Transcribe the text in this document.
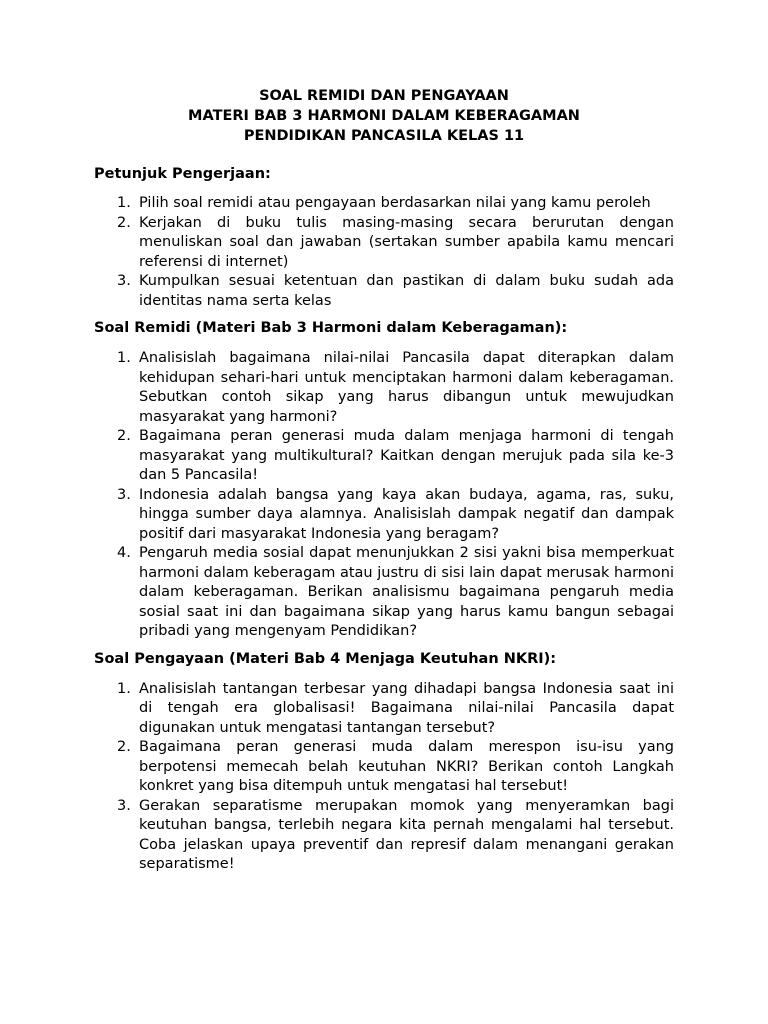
SOAL REMIDI DAN PENGAYAAN
MATERI BAB 3 HARMONI DALAM KEBERAGAMAN
PENDIDIKAN PANCASILA KELAS 11

Petunjuk Pengerjaan:

1. Pilih soal remidi atau pengayaan berdasarkan nilai yang kamu peroleh
2. Kerjakan di buku tulis masing-masing secara berurutan dengan menuliskan soal dan jawaban (sertakan sumber apabila kamu mencari referensi di internet)
3. Kumpulkan sesuai ketentuan dan pastikan di dalam buku sudah ada identitas nama serta kelas

Soal Remidi (Materi Bab 3 Harmoni dalam Keberagaman):

1. Analisislah bagaimana nilai-nilai Pancasila dapat diterapkan dalam kehidupan sehari-hari untuk menciptakan harmoni dalam keberagaman. Sebutkan contoh sikap yang harus dibangun untuk mewujudkan masyarakat yang harmoni?
2. Bagaimana peran generasi muda dalam menjaga harmoni di tengah masyarakat yang multikultural? Kaitkan dengan merujuk pada sila ke-3 dan 5 Pancasila!
3. Indonesia adalah bangsa yang kaya akan budaya, agama, ras, suku, hingga sumber daya alamnya. Analisislah dampak negatif dan dampak positif dari masyarakat Indonesia yang beragam?
4. Pengaruh media sosial dapat menunjukkan 2 sisi yakni bisa memperkuat harmoni dalam keberagam atau justru di sisi lain dapat merusak harmoni dalam keberagaman. Berikan analisismu bagaimana pengaruh media sosial saat ini dan bagaimana sikap yang harus kamu bangun sebagai pribadi yang mengenyam Pendidikan?

Soal Pengayaan (Materi Bab 4 Menjaga Keutuhan NKRI):

1. Analisislah tantangan terbesar yang dihadapi bangsa Indonesia saat ini di tengah era globalisasi! Bagaimana nilai-nilai Pancasila dapat digunakan untuk mengatasi tantangan tersebut?
2. Bagaimana peran generasi muda dalam merespon isu-isu yang berpotensi memecah belah keutuhan NKRI? Berikan contoh Langkah konkret yang bisa ditempuh untuk mengatasi hal tersebut!
3. Gerakan separatisme merupakan momok yang menyeramkan bagi keutuhan bangsa, terlebih negara kita pernah mengalami hal tersebut. Coba jelaskan upaya preventif dan represif dalam menangani gerakan separatisme!
